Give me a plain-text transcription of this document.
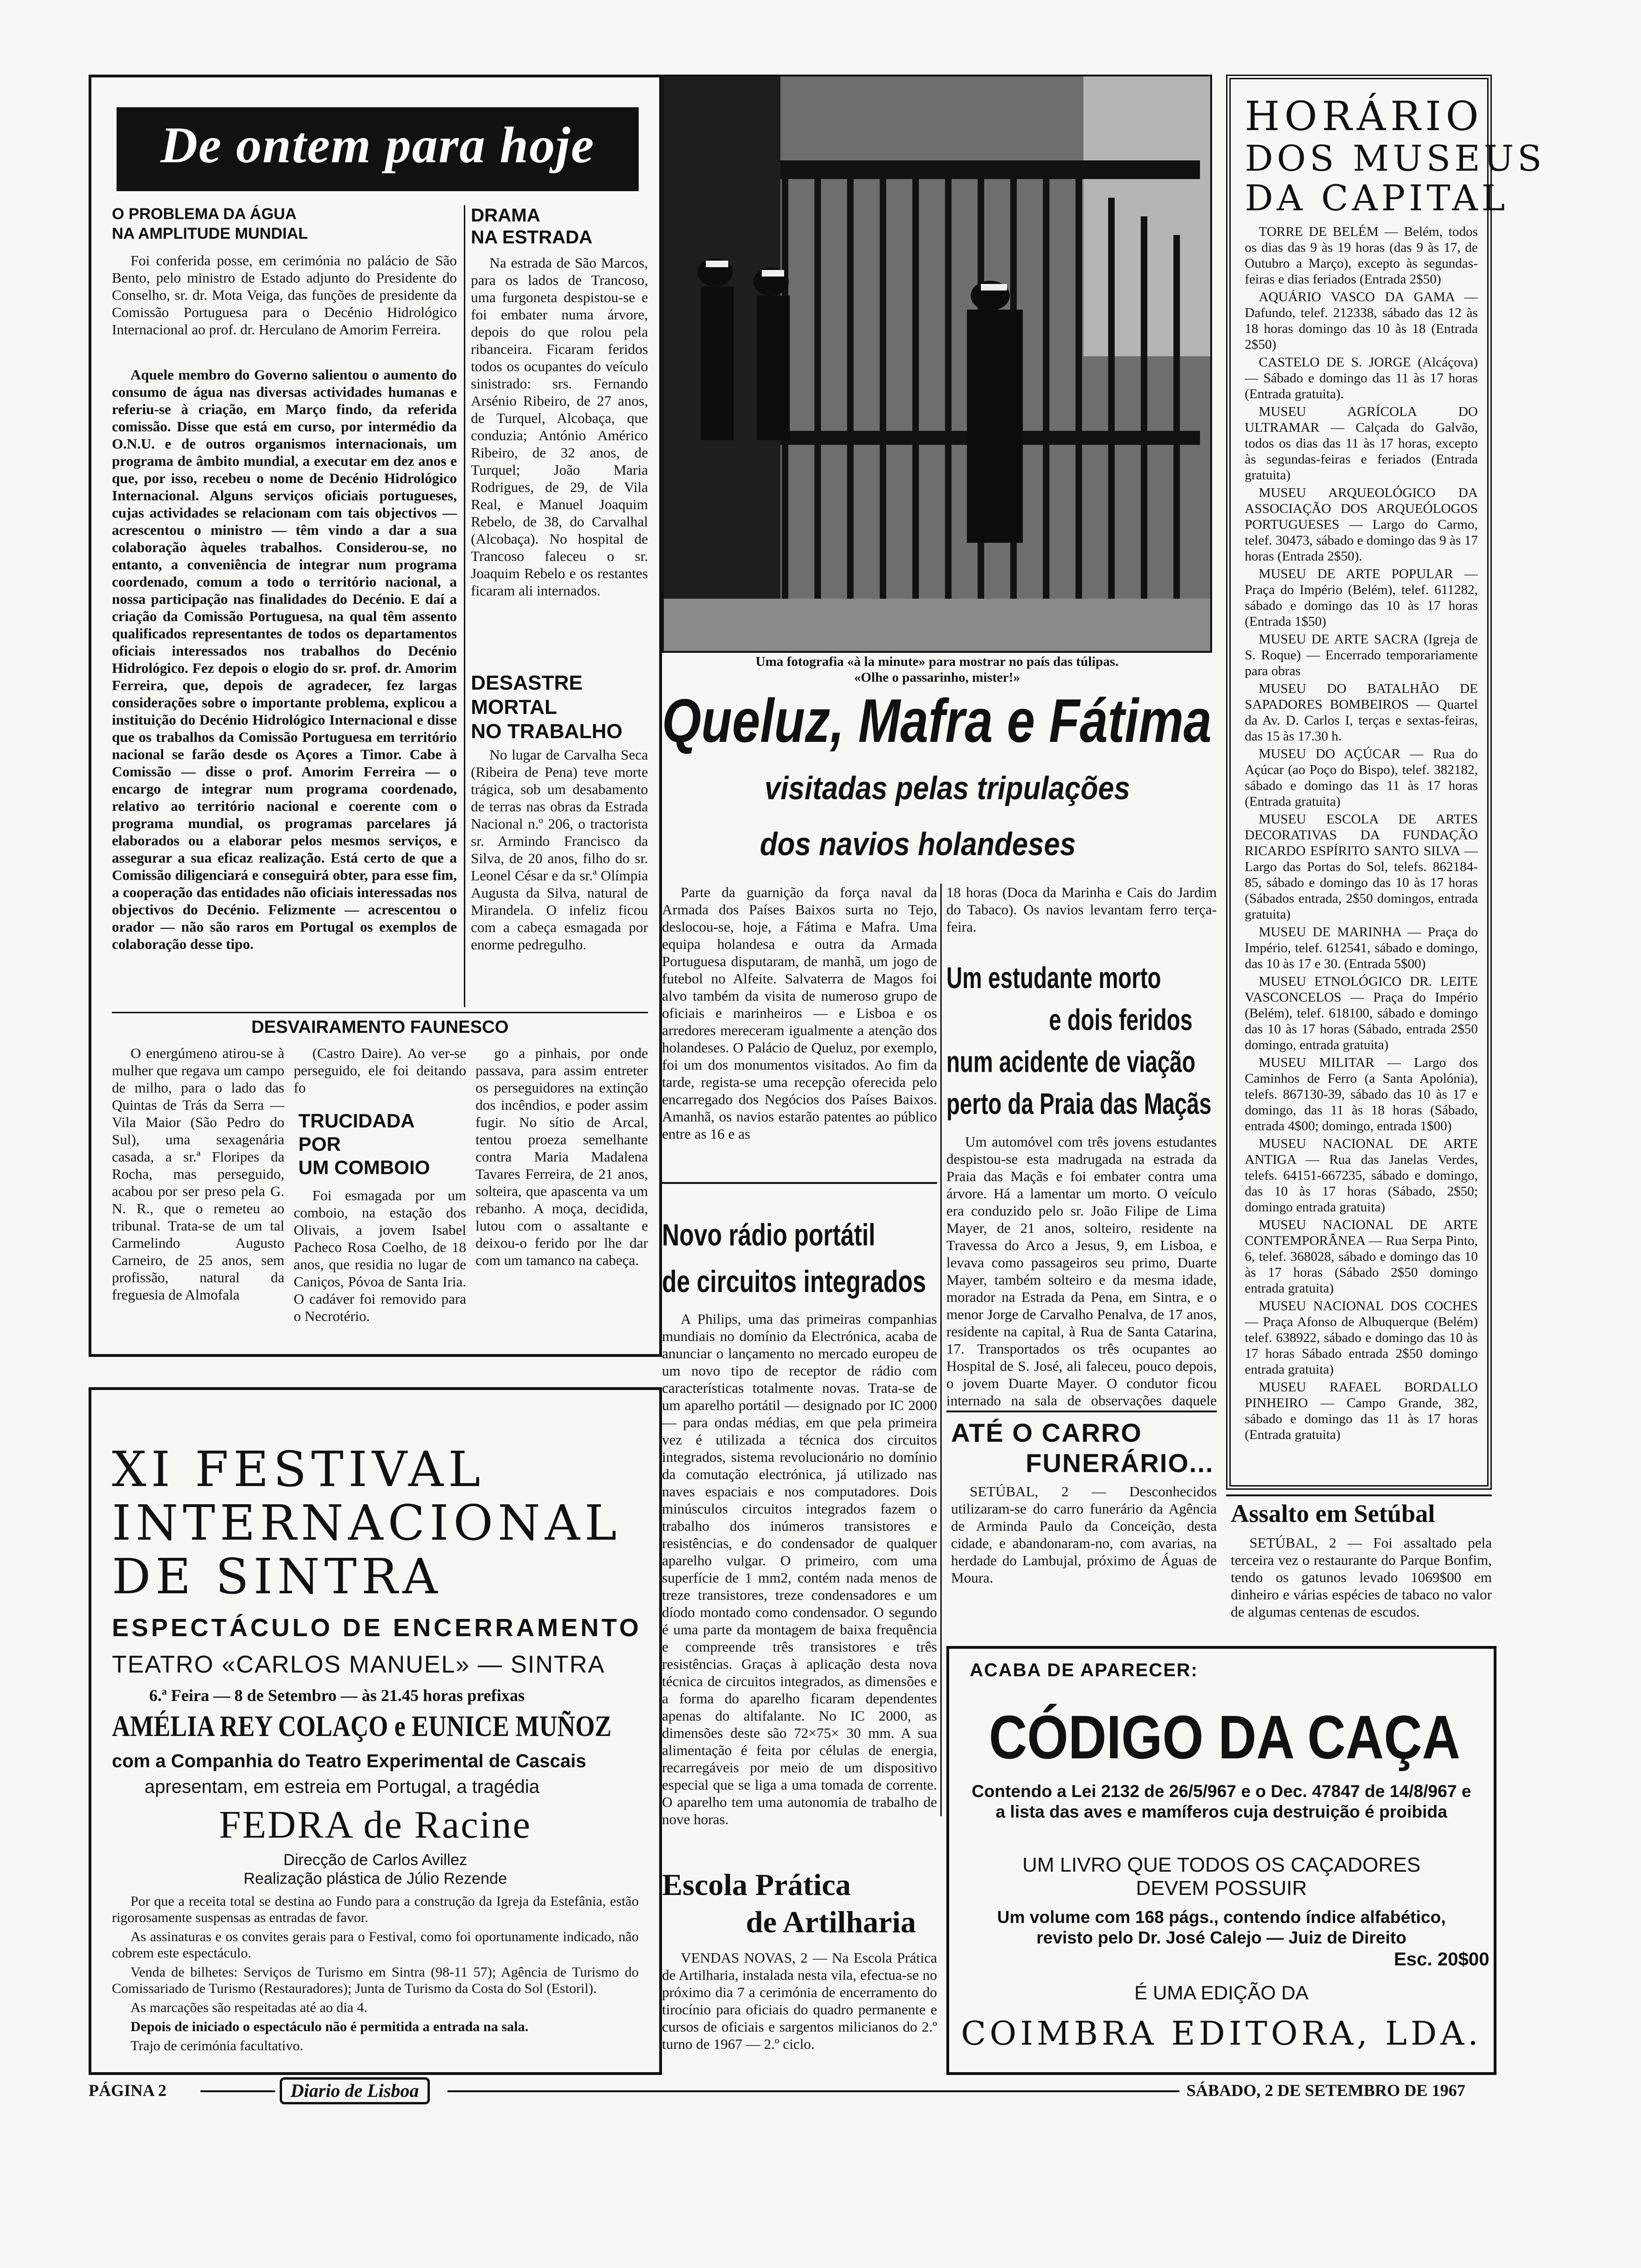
De ontem para hoje
O PROBLEMA DA ÁGUA
NA AMPLITUDE MUNDIAL

Foi conferida posse, em cerimónia no palácio de São Bento, pelo ministro de Estado adjunto do Presidente do Conselho, sr. dr. Mota Veiga, das funções de presidente da Comissão Portuguesa para o Decénio Hidrológico Internacional ao prof. dr. Herculano de Amorim Ferreira.

Aquele membro do Governo salientou o aumento do consumo de água nas diversas actividades humanas e referiu-se à criação, em Março findo, da referida comissão. Disse que está em curso, por intermédio da O.N.U. e de outros organismos internacionais, um programa de âmbito mundial, a executar em dez anos e que, por isso, recebeu o nome de Decénio Hidrológico Internacional. Alguns serviços oficiais portugueses, cujas actividades se relacionam com tais objectivos — acrescentou o ministro — têm vindo a dar a sua colaboração àqueles trabalhos. Considerou-se, no entanto, a conveniência de integrar num programa coordenado, comum a todo o território nacional, a nossa participação nas finalidades do Decénio. E daí a criação da Comissão Portuguesa, na qual têm assento qualificados representantes de todos os departamentos oficiais interessados nos trabalhos do Decénio Hidrológico. Fez depois o elogio do sr. prof. dr. Amorim Ferreira, que, depois de agradecer, fez largas considerações sobre o importante problema, explicou a instituição do Decénio Hidrológico Internacional e disse que os trabalhos da Comissão Portuguesa em território nacional se farão desde os Açores a Timor. Cabe à Comissão — disse o prof. Amorim Ferreira — o encargo de integrar num programa coordenado, relativo ao território nacional e coerente com o programa mundial, os programas parcelares já elaborados ou a elaborar pelos mesmos serviços, e assegurar a sua eficaz realização. Está certo de que a Comissão diligenciará e conseguirá obter, para esse fim, a cooperação das entidades não oficiais interessadas nos objectivos do Decénio. Felizmente — acrescentou o orador — não são raros em Portugal os exemplos de colaboração desse tipo.

DRAMA
NA ESTRADA

Na estrada de São Marcos, para os lados de Trancoso, uma furgoneta despistou-se e foi embater numa árvore, depois do que rolou pela ribanceira. Ficaram feridos todos os ocupantes do veículo sinistrado: srs. Fernando Arsénio Ribeiro, de 27 anos, de Turquel, Alcobaça, que conduzia; António Américo Ribeiro, de 32 anos, de Turquel; João Maria Rodrigues, de 29, de Vila Real, e Manuel Joaquim Rebelo, de 38, do Carvalhal (Alcobaça). No hospital de Trancoso faleceu o sr. Joaquim Rebelo e os restantes ficaram ali internados.

DESASTRE
MORTAL
NO TRABALHO

No lugar de Carvalha Seca (Ribeira de Pena) teve morte trágica, sob um desabamento de terras nas obras da Estrada Nacional n.º 206, o tractorista sr. Armindo Francisco da Silva, de 20 anos, filho do sr. Leonel César e da sr.ª Olímpia Augusta da Silva, natural de Mirandela. O infeliz ficou com a cabeça esmagada por enorme pedregulho.

DESVAIRAMENTO FAUNESCO

O energúmeno atirou-se à mulher que regava um campo de milho, para o lado das Quintas de Trás da Serra — Vila Maior (São Pedro do Sul), uma sexagenária casada, a sr.ª Floripes da Rocha, mas perseguido, acabou por ser preso pela G. N. R., que o remeteu ao tribunal. Trata-se de um tal Carmelindo Augusto Carneiro, de 25 anos, sem profissão, natural da freguesia de Almofala

(Castro Daire). Ao ver-se perseguido, ele foi deitando fo

go a pinhais, por onde passava, para assim entreter os perseguidores na extinção dos incêndios, e poder assim fugir. No sítio de Arcal, tentou proeza semelhante contra Maria Madalena Tavares Ferreira, de 21 anos, solteira, que apascenta va um rebanho. A moça, decidida, lutou com o assaltante e deixou-o ferido por lhe dar com um tamanco na cabeça.

TRUCIDADA
POR
UM COMBOIO

Foi esmagada por um comboio, na estação dos Olivais, a jovem Isabel Pacheco Rosa Coelho, de 18 anos, que residia no lugar de Caniços, Póvoa de Santa Iria. O cadáver foi removido para o Necrotério.

XI FESTIVAL
INTERNACIONAL
DE SINTRA
ESPECTÁCULO DE ENCERRAMENTO
TEATRO «CARLOS MANUEL» — SINTRA
6.ª Feira — 8 de Setembro — às 21.45 horas prefixas
AMÉLIA REY COLAÇO e EUNICE MUÑOZ
com a Companhia do Teatro Experimental de Cascais
apresentam, em estreia em Portugal, a tragédia
FEDRA de Racine
Direcção de Carlos Avillez
Realização plástica de Júlio Rezende

Por que a receita total se destina ao Fundo para a construção da Igreja da Estefânia, estão rigorosamente suspensas as entradas de favor.

As assinaturas e os convites gerais para o Festival, como foi oportunamente indicado, não cobrem este espectáculo.

Venda de bilhetes: Serviços de Turismo em Sintra (98-11 57); Agência de Turismo do Comissariado de Turismo (Restauradores); Junta de Turismo da Costa do Sol (Estoril).

As marcações são respeitadas até ao dia 4.

Depois de iniciado o espectáculo não é permitida a entrada na sala.

Trajo de cerimónia facultativo.

Uma fotografia «à la minute» para mostrar no país das túlipas.
«Olhe o passarinho, mister!»
Queluz, Mafra e Fátima
visitadas pelas tripulações
dos navios holandeses

Parte da guarnição da força naval da Armada dos Países Baixos surta no Tejo, deslocou-se, hoje, a Fátima e Mafra. Uma equipa holandesa e outra da Armada Portuguesa disputaram, de manhã, um jogo de futebol no Alfeite. Salvaterra de Magos foi alvo também da visita de numeroso grupo de oficiais e marinheiros — e Lisboa e os arredores mereceram igualmente a atenção dos holandeses. O Palácio de Queluz, por exemplo, foi um dos monumentos visitados. Ao fim da tarde, regista-se uma recepção oferecida pelo encarregado dos Negócios dos Países Baixos. Amanhã, os navios estarão patentes ao público entre as 16 e as

18 horas (Doca da Marinha e Cais do Jardim do Tabaco). Os navios levantam ferro terça-feira.

Novo rádio portátil
de circuitos integrados

A Philips, uma das primeiras companhias mundiais no domínio da Electrónica, acaba de anunciar o lançamento no mercado europeu de um novo tipo de receptor de rádio com características totalmente novas. Trata-se de um aparelho portátil — designado por IC 2000 — para ondas médias, em que pela primeira vez é utilizada a técnica dos circuitos integrados, sistema revolucionário no domínio da comutação electrónica, já utilizado nas naves espaciais e nos computadores. Dois minúsculos circuitos integrados fazem o trabalho dos inúmeros transistores e resistências, e do condensador de qualquer aparelho vulgar. O primeiro, com uma superfície de 1 mm2, contém nada menos de treze transistores, treze condensadores e um díodo montado como condensador. O segundo é uma parte da montagem de baixa frequência e compreende três transistores e três resistências. Graças à aplicação desta nova técnica de circuitos integrados, as dimensões e a forma do aparelho ficaram dependentes apenas do altifalante. No IC 2000, as dimensões deste são 72×75× 30 mm. A sua alimentação é feita por células de energia, recarregáveis por meio de um dispositivo especial que se liga a uma tomada de corrente. O aparelho tem uma autonomia de trabalho de nove horas.

Escola Prática
de Artilharia

VENDAS NOVAS, 2 — Na Escola Prática de Artilharia, instalada nesta vila, efectua-se no próximo dia 7 a cerimónia de encerramento do tirocínio para oficiais do quadro permanente e cursos de oficiais e sargentos milicianos do 2.º turno de 1967 — 2.º ciclo.

Um estudante morto
e dois feridos
num acidente de viação
perto da Praia das Maçãs

Um automóvel com três jovens estudantes despistou-se esta madrugada na estrada da Praia das Maçãs e foi embater contra uma árvore. Há a lamentar um morto. O veículo era conduzido pelo sr. João Filipe de Lima Mayer, de 21 anos, solteiro, residente na Travessa do Arco a Jesus, 9, em Lisboa, e levava como passageiros seu primo, Duarte Mayer, também solteiro e da mesma idade, morador na Estrada da Pena, em Sintra, e o menor Jorge de Carvalho Penalva, de 17 anos, residente na capital, à Rua de Santa Catarina, 17. Transportados os três ocupantes ao Hospital de S. José, ali faleceu, pouco depois, o jovem Duarte Mayer. O condutor ficou internado na sala de observações daquele

ATÉ O CARRO
FUNERÁRIO...

SETÚBAL, 2 — Desconhecidos utilizaram-se do carro funerário da Agência de Arminda Paulo da Conceição, desta cidade, e abandonaram-no, com avarias, na herdade do Lambujal, próximo de Águas de Moura.

HORÁRIO
DOS MUSEUS
DA CAPITAL

TORRE DE BELÉM — Belém, todos os dias das 9 às 19 horas (das 9 às 17, de Outubro a Março), excepto às segundas-feiras e dias feriados (Entrada 2$50)

AQUÁRIO VASCO DA GAMA — Dafundo, telef. 212338, sábado das 12 às 18 horas domingo das 10 às 18 (Entrada 2$50)

CASTELO DE S. JORGE (Alcáçova) — Sábado e domingo das 11 às 17 horas (Entrada gratuita).

MUSEU AGRÍCOLA DO ULTRAMAR — Calçada do Galvão, todos os dias das 11 às 17 horas, excepto às segundas-feiras e feriados (Entrada gratuita)

MUSEU ARQUEOLÓGICO DA ASSOCIAÇÃO DOS ARQUEÓLOGOS PORTUGUESES — Largo do Carmo, telef. 30473, sábado e domingo das 9 às 17 horas (Entrada 2$50).

MUSEU DE ARTE POPULAR — Praça do Império (Belém), telef. 611282, sábado e domingo das 10 às 17 horas (Entrada 1$50)

MUSEU DE ARTE SACRA (Igreja de S. Roque) — Encerrado temporariamente para obras

MUSEU DO BATALHÃO DE SAPADORES BOMBEIROS — Quartel da Av. D. Carlos I, terças e sextas-feiras, das 15 às 17.30 h.

MUSEU DO AÇÚCAR — Rua do Açúcar (ao Poço do Bispo), telef. 382182, sábado e domingo das 11 às 17 horas (Entrada gratuita)

MUSEU ESCOLA DE ARTES DECORATIVAS DA FUNDAÇÃO RICARDO ESPÍRITO SANTO SILVA — Largo das Portas do Sol, telefs. 862184-85, sábado e domingo das 10 às 17 horas (Sábados entrada, 2$50 domingos, entrada gratuita)

MUSEU DE MARINHA — Praça do Império, telef. 612541, sábado e domingo, das 10 às 17 e 30. (Entrada 5$00)

MUSEU ETNOLÓGICO DR. LEITE VASCONCELOS — Praça do Império (Belém), telef. 618100, sábado e domingo das 10 às 17 horas (Sábado, entrada 2$50 domingo, entrada gratuita)

MUSEU MILITAR — Largo dos Caminhos de Ferro (a Santa Apolónia), telefs. 867130-39, sábado das 10 às 17 e domingo, das 11 às 18 horas (Sábado, entrada 4$00; domingo, entrada 1$00)

MUSEU NACIONAL DE ARTE ANTIGA — Rua das Janelas Verdes, telefs. 64151-667235, sábado e domingo, das 10 às 17 horas (Sábado, 2$50; domingo entrada gratuita)

MUSEU NACIONAL DE ARTE CONTEMPORÂNEA — Rua Serpa Pinto, 6, telef. 368028, sábado e domingo das 10 às 17 horas (Sábado 2$50 domingo entrada gratuita)

MUSEU NACIONAL DOS COCHES — Praça Afonso de Albuquerque (Belém) telef. 638922, sábado e domingo das 10 às 17 horas Sábado entrada 2$50 domingo entrada gratuita)

MUSEU RAFAEL BORDALLO PINHEIRO — Campo Grande, 382, sábado e domingo das 11 às 17 horas (Entrada gratuita)

Assalto em Setúbal

SETÚBAL, 2 — Foi assaltado pela terceira vez o restaurante do Parque Bonfim, tendo os gatunos levado 1069$00 em dinheiro e várias espécies de tabaco no valor de algumas centenas de escudos.

ACABA DE APARECER:
CÓDIGO DA CAÇA
Contendo a Lei 2132 de 26/5/967 e o Dec. 47847 de 14/8/967 e a lista das aves e mamíferos cuja destruição é proibida
UM LIVRO QUE TODOS OS CAÇADORES
DEVEM POSSUIR
Um volume com 168 págs., contendo índice alfabético, revisto pelo Dr. José Calejo — Juiz de Direito
Esc. 20$00
É UMA EDIÇÃO DA
COIMBRA EDITORA, LDA.
PÁGINA 2	Diario de Lisboa	SÁBADO, 2 DE SETEMBRO DE 1967
